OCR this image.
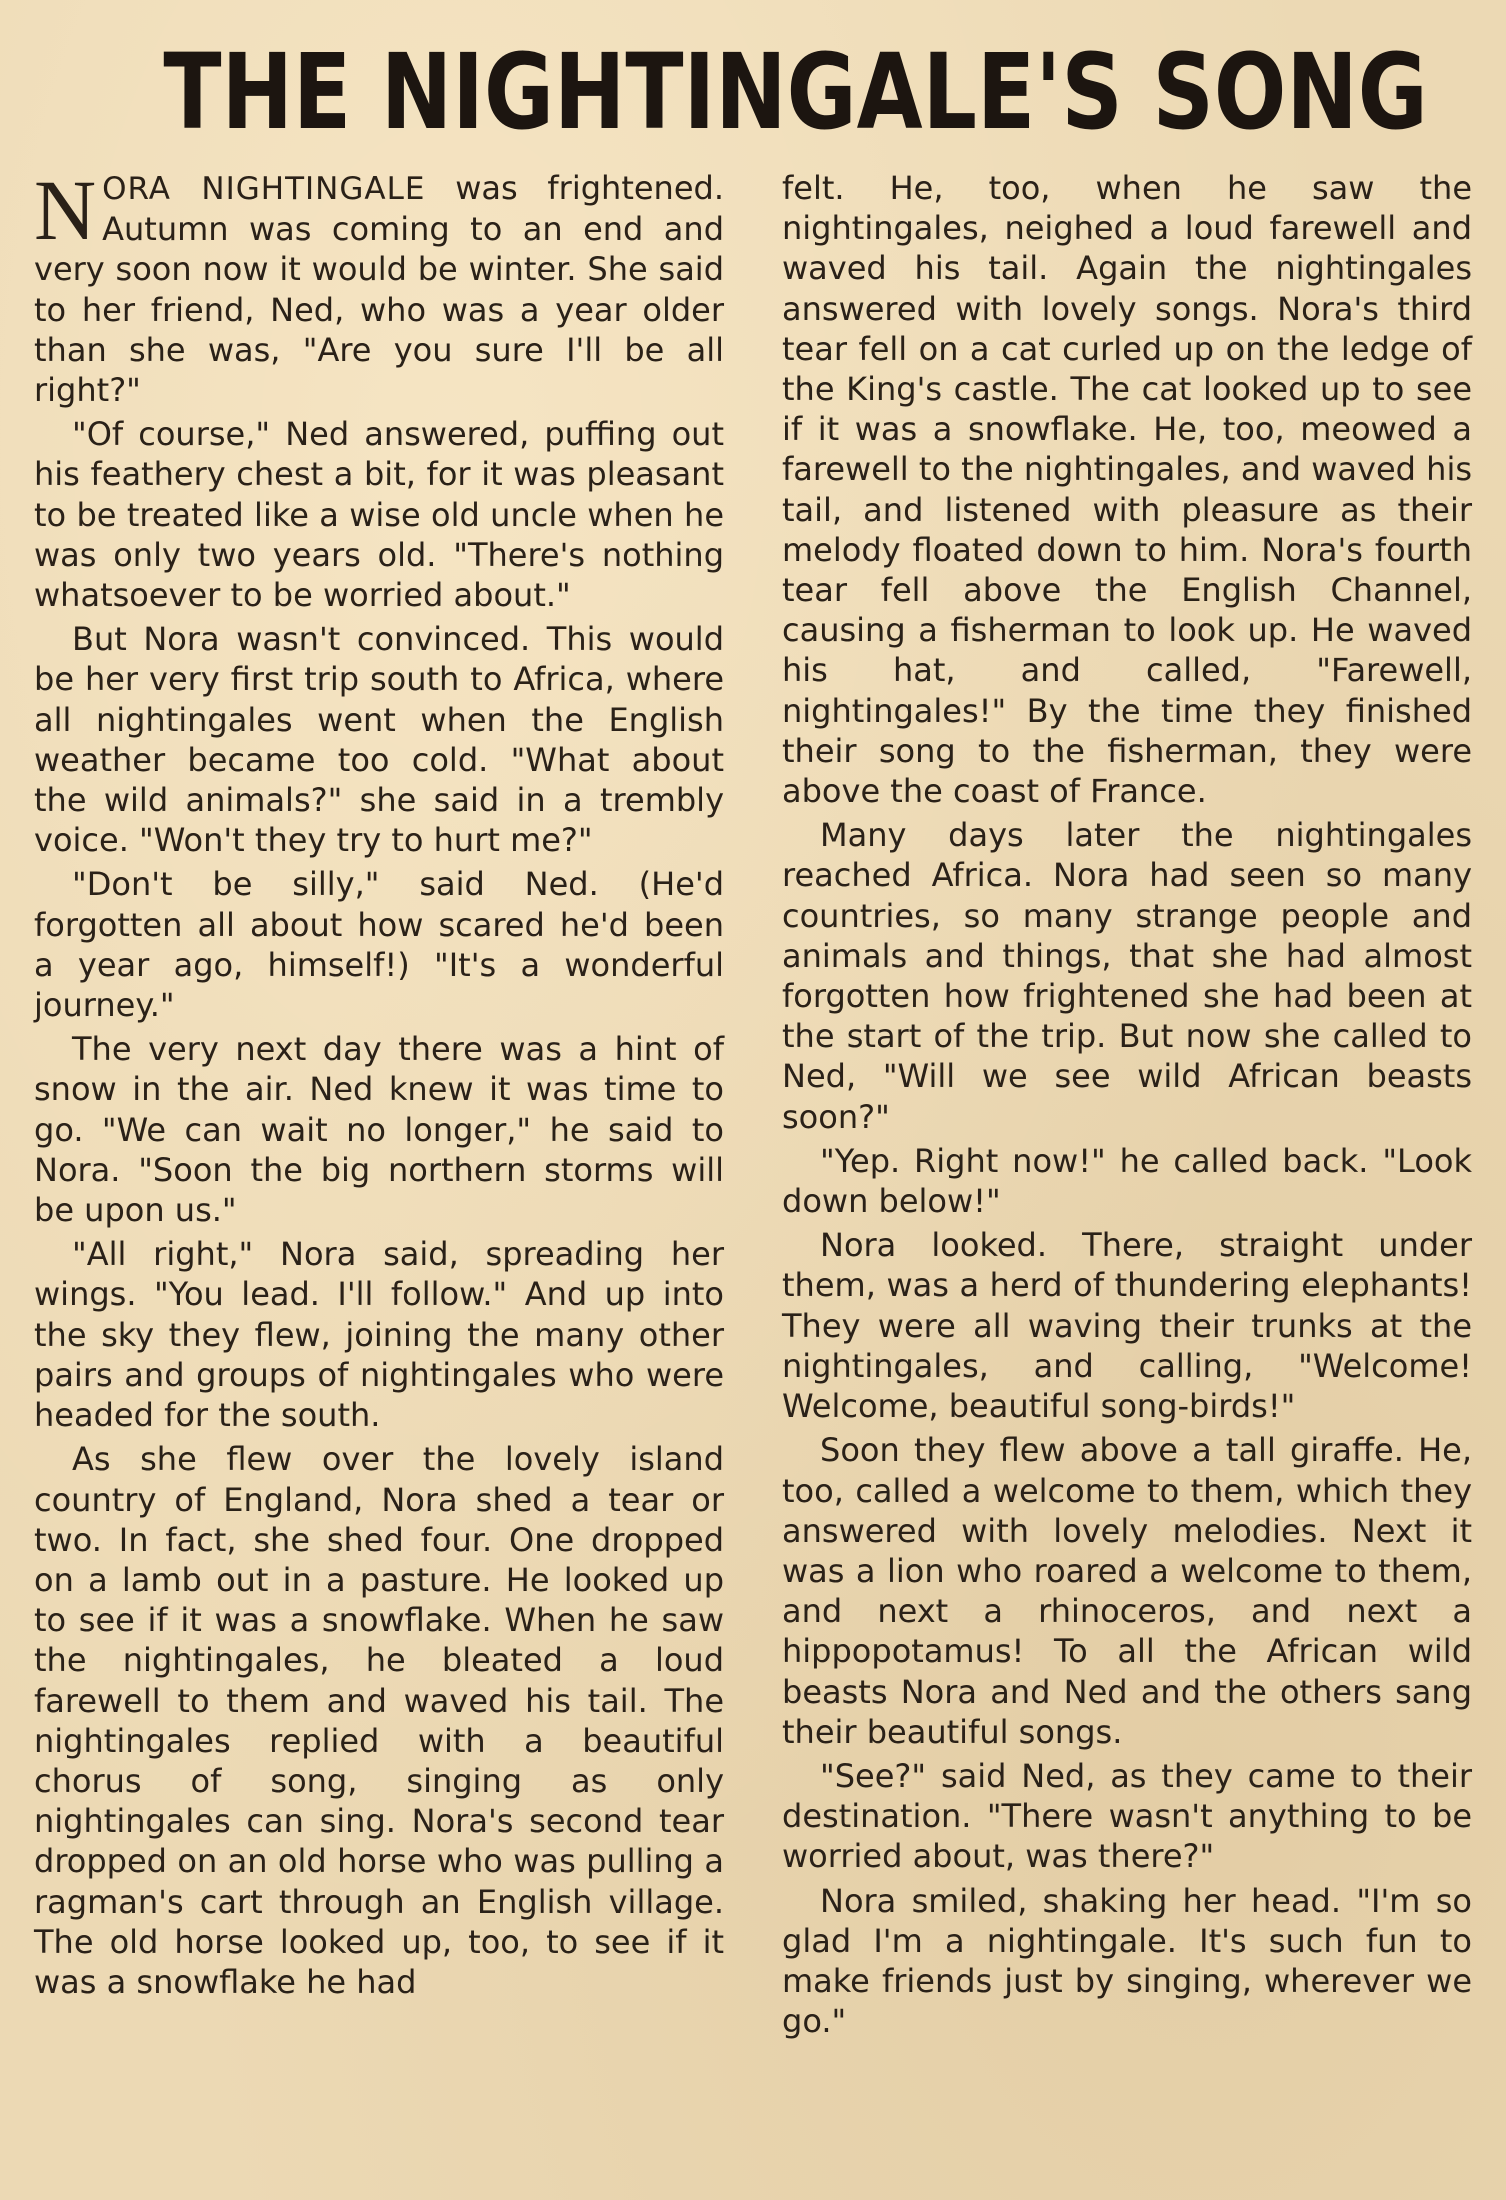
THE NIGHTINGALE'S SONG

NORA NIGHTINGALE was frightened. Autumn was coming to an end and very soon now it would be winter. She said to her friend, Ned, who was a year older than she was, "Are you sure I'll be all right?"

"Of course," Ned answered, puffing out his feathery chest a bit, for it was pleasant to be treated like a wise old uncle when he was only two years old. "There's nothing whatsoever to be worried about."

But Nora wasn't convinced. This would be her very first trip south to Africa, where all nightingales went when the English weather became too cold. "What about the wild animals?" she said in a trembly voice. "Won't they try to hurt me?"

"Don't be silly," said Ned. (He'd forgotten all about how scared he'd been a year ago, himself!) "It's a wonderful journey."

The very next day there was a hint of snow in the air. Ned knew it was time to go. "We can wait no longer," he said to Nora. "Soon the big northern storms will be upon us."

"All right," Nora said, spreading her wings. "You lead. I'll follow." And up into the sky they flew, joining the many other pairs and groups of nightingales who were headed for the south.

As she flew over the lovely island country of England, Nora shed a tear or two. In fact, she shed four. One dropped on a lamb out in a pasture. He looked up to see if it was a snowflake. When he saw the nightingales, he bleated a loud farewell to them and waved his tail. The nightingales replied with a beautiful chorus of song, singing as only nightingales can sing. Nora's second tear dropped on an old horse who was pulling a ragman's cart through an English village. The old horse looked up, too, to see if it was a snowflake he had

felt. He, too, when he saw the nightingales, neighed a loud farewell and waved his tail. Again the nightingales answered with lovely songs. Nora's third tear fell on a cat curled up on the ledge of the King's castle. The cat looked up to see if it was a snowflake. He, too, meowed a farewell to the nightingales, and waved his tail, and listened with pleasure as their melody floated down to him. Nora's fourth tear fell above the English Channel, causing a fisherman to look up. He waved his hat, and called, "Farewell, nightingales!" By the time they finished their song to the fisherman, they were above the coast of France.

Many days later the nightingales reached Africa. Nora had seen so many countries, so many strange people and animals and things, that she had almost forgotten how frightened she had been at the start of the trip. But now she called to Ned, "Will we see wild African beasts soon?"

"Yep. Right now!" he called back. "Look down below!"

Nora looked. There, straight under them, was a herd of thundering elephants! They were all waving their trunks at the nightingales, and calling, "Welcome! Welcome, beautiful song-birds!"

Soon they flew above a tall giraffe. He, too, called a welcome to them, which they answered with lovely melodies. Next it was a lion who roared a welcome to them, and next a rhinoceros, and next a hippopotamus! To all the African wild beasts Nora and Ned and the others sang their beautiful songs.

"See?" said Ned, as they came to their destination. "There wasn't anything to be worried about, was there?"

Nora smiled, shaking her head. "I'm so glad I'm a nightingale. It's such fun to make friends just by singing, wherever we go."
